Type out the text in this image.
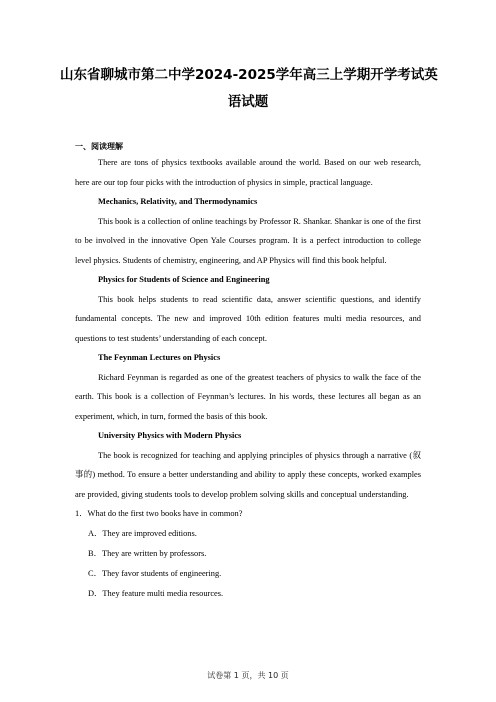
山东省聊城市第二中学2024-2025学年高三上学期开学考试英
语试题
一、阅读理解

There are tons of physics textbooks available around the world. Based on our web research, here are our top four picks with the introduction of physics in simple, practical language.

Mechanics, Relativity, and Thermodynamics

This book is a collection of online teachings by Professor R. Shankar. Shankar is one of the first to be involved in the innovative Open Yale Courses program. It is a perfect introduction to college level physics. Students of chemistry, engineering, and AP Physics will find this book helpful.

Physics for Students of Science and Engineering

This book helps students to read scientific data, answer scientific questions, and identify fundamental concepts. The new and improved 10th edition features multi media resources, and questions to test students’ understanding of each concept.

The Feynman Lectures on Physics

Richard Feynman is regarded as one of the greatest teachers of physics to walk the face of the earth. This book is a collection of Feynman’s lectures. In his words, these lectures all began as an experiment, which, in turn, formed the basis of this book.

University Physics with Modern Physics

The book is recognized for teaching and applying principles of physics through a narrative (叙事的) method. To ensure a better understanding and ability to apply these concepts, worked examples are provided, giving students tools to develop problem solving skills and conceptual understanding.

1．What do the first two books have in common?

A．They are improved editions.

B．They are written by professors.

C．They favor students of engineering.

D．They feature multi media resources.

试卷第 1 页，共 10 页
